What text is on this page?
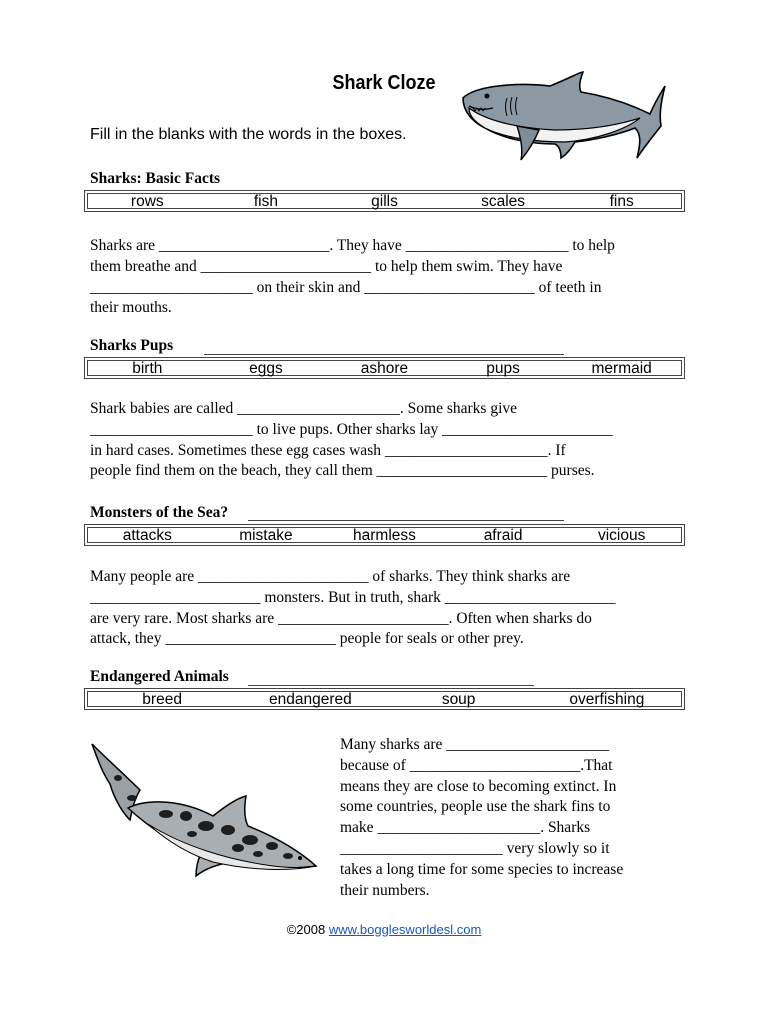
Shark Cloze
Fill in the blanks with the words in the boxes.
Sharks: Basic Facts
rows	fish	gills	scales	fins
Sharks are ______________________. They have _____________________ to help
them breathe and ______________________ to help them swim. They have
_____________________ on their skin and ______________________ of teeth in
their mouths.
Sharks Pups
birth	eggs	ashore	pups	mermaid
Shark babies are called _____________________. Some sharks give
_____________________ to live pups. Other sharks lay ______________________
in hard cases. Sometimes these egg cases wash _____________________. If
people find them on the beach, they call them ______________________ purses.
Monsters of the Sea?
attacks	mistake	harmless	afraid	vicious
Many people are ______________________ of sharks. They think sharks are
______________________ monsters. But in truth, shark ______________________
are very rare. Most sharks are ______________________. Often when sharks do
attack, they ______________________ people for seals or other prey.
Endangered Animals
breed	endangered	soup	overfishing
Many sharks are _____________________
because of ______________________.That
means they are close to becoming extinct. In
some countries, people use the shark fins to
make _____________________. Sharks
_____________________ very slowly so it
takes a long time for some species to increase
their numbers.
©2008 www.bogglesworldesl.com
